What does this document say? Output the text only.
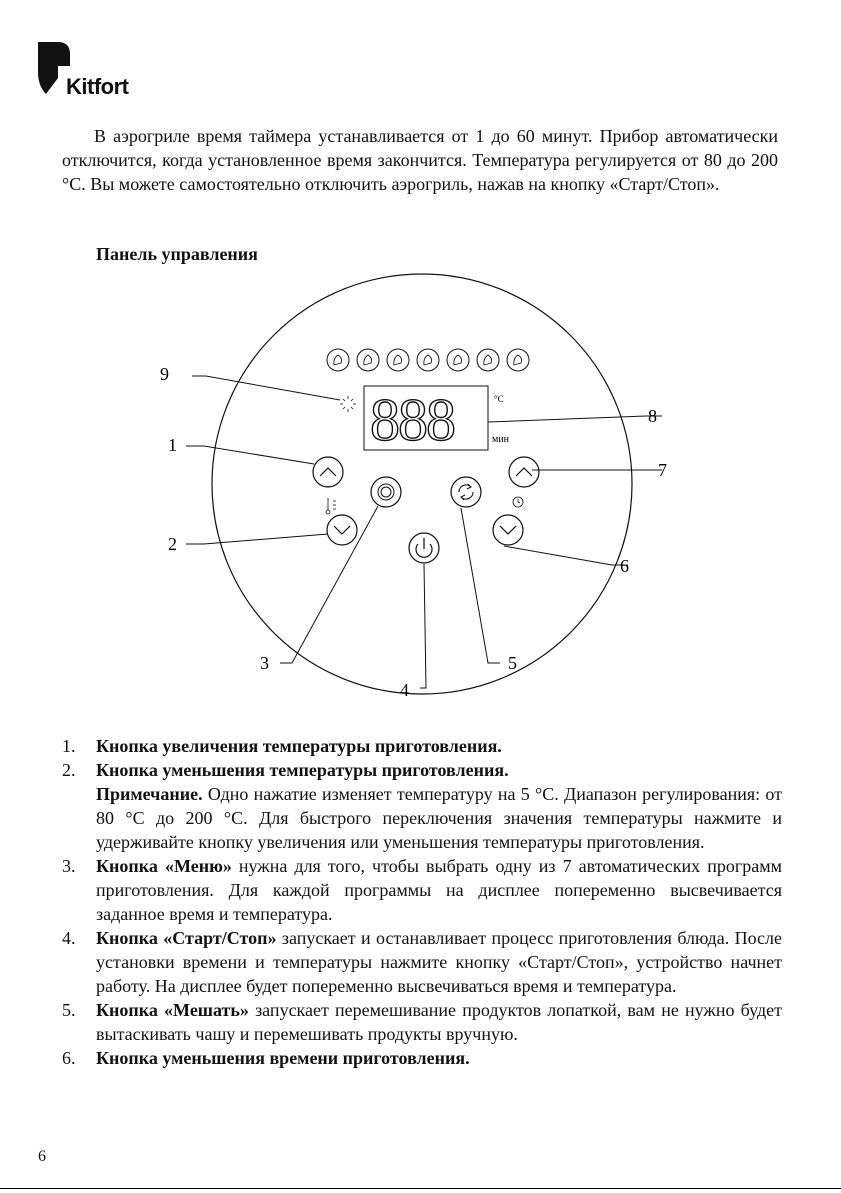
Kitfort

В аэрогриле время таймера устанавливается от 1 до 60 минут. Прибор автоматически отключится, когда установленное время закончится. Температура регулируется от 80 до 200 °С. Вы можете самостоятельно отключить аэрогриль, нажав на кнопку «Старт/Стоп».

Панель управления
888	°С
мин
9
1
2
3
4
5
6
7
8
1. Кнопка увеличения температуры приготовления.
2. Кнопка уменьшения температуры приготовления.
Примечание. Одно нажатие изменяет температуру на 5 °С. Диапазон регулирования: от 80 °С до 200 °С. Для быстрого переключения значения температуры нажмите и удерживайте кнопку увеличения или уменьшения температуры приготовления.
3. Кнопка «Меню» нужна для того, чтобы выбрать одну из 7 автоматических программ приготовления. Для каждой программы на дисплее попеременно высвечивается заданное время и температура.
4. Кнопка «Старт/Стоп» запускает и останавливает процесс приготовления блюда. После установки времени и температуры нажмите кнопку «Старт/Стоп», устройство начнет работу. На дисплее будет попеременно высвечиваться время и температура.
5. Кнопка «Мешать» запускает перемешивание продуктов лопаткой, вам не нужно будет вытаскивать чашу и перемешивать продукты вручную.
6. Кнопка уменьшения времени приготовления.
6
